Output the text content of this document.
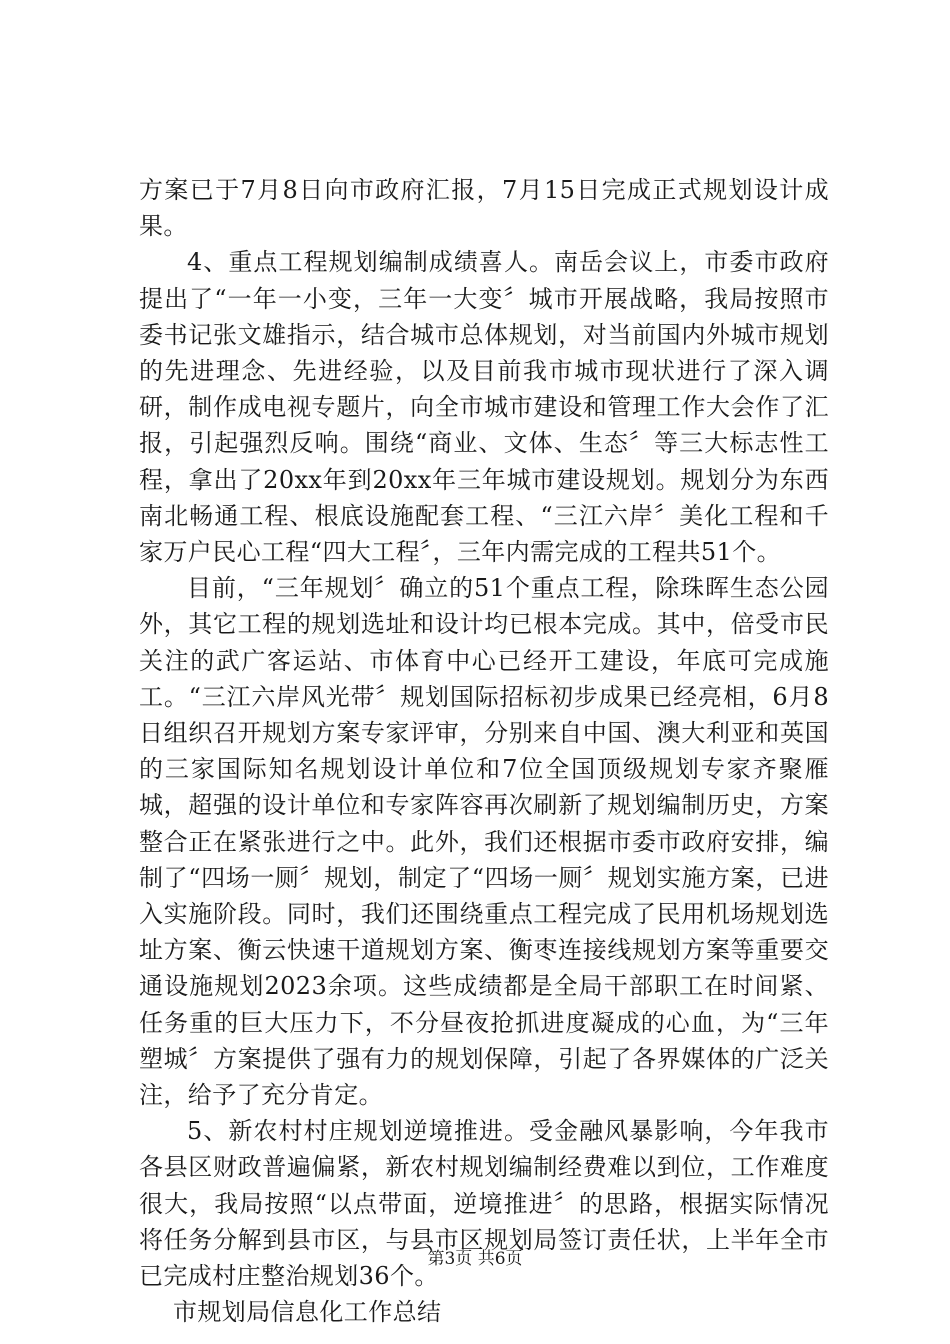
方案已于7月8日向市政府汇报，7月15日完成正式规划设计成果。

4、重点工程规划编制成绩喜人。南岳会议上，市委市政府提出了“一年一小变，三年一大变〞城市开展战略，我局按照市委书记张文雄指示，结合城市总体规划，对当前国内外城市规划的先进理念、先进经验，以及目前我市城市现状进行了深入调研，制作成电视专题片，向全市城市建设和管理工作大会作了汇报，引起强烈反响。围绕“商业、文体、生态〞等三大标志性工程，拿出了20xx年到20xx年三年城市建设规划。规划分为东西南北畅通工程、根底设施配套工程、“三江六岸〞美化工程和千家万户民心工程“四大工程〞，三年内需完成的工程共51个。

目前，“三年规划〞确立的51个重点工程，除珠晖生态公园外，其它工程的规划选址和设计均已根本完成。其中，倍受市民关注的武广客运站、市体育中心已经开工建设，年底可完成施工。“三江六岸风光带〞规划国际招标初步成果已经亮相，6月8日组织召开规划方案专家评审，分别来自中国、澳大利亚和英国的三家国际知名规划设计单位和7位全国顶级规划专家齐聚雁城，超强的设计单位和专家阵容再次刷新了规划编制历史，方案整合正在紧张进行之中。此外，我们还根据市委市政府安排，编制了“四场一厕〞规划，制定了“四场一厕〞规划实施方案，已进入实施阶段。同时，我们还围绕重点工程完成了民用机场规划选址方案、衡云快速干道规划方案、衡枣连接线规划方案等重要交通设施规划2023余项。这些成绩都是全局干部职工在时间紧、任务重的巨大压力下，不分昼夜抢抓进度凝成的心血，为“三年塑城〞方案提供了强有力的规划保障，引起了各界媒体的广泛关注，给予了充分肯定。

5、新农村村庄规划逆境推进。受金融风暴影响，今年我市各县区财政普遍偏紧，新农村规划编制经费难以到位，工作难度很大，我局按照“以点带面，逆境推进〞的思路，根据实际情况将任务分解到县市区，与县市区规划局签订责任状，上半年全市已完成村庄整治规划36个。

市规划局信息化工作总结

第3页 共6页
